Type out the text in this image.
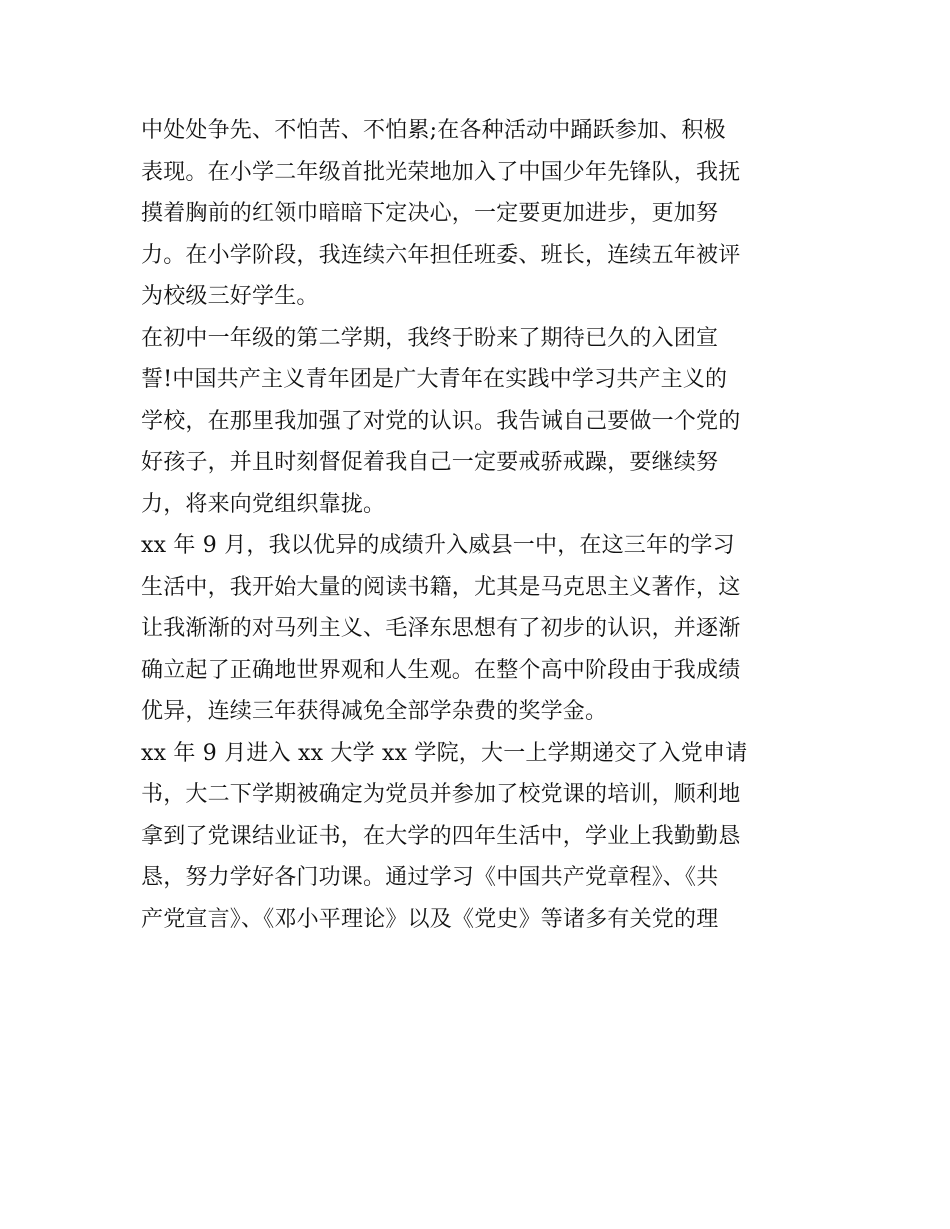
中处处争先、不怕苦、不怕累;在各种活动中踊跃参加、积极
表现。在小学二年级首批光荣地加入了中国少年先锋队，我抚
摸着胸前的红领巾暗暗下定决心，一定要更加进步，更加努
力。在小学阶段，我连续六年担任班委、班长，连续五年被评
为校级三好学生。
在初中一年级的第二学期，我终于盼来了期待已久的入团宣
誓!中国共产主义青年团是广大青年在实践中学习共产主义的
学校，在那里我加强了对党的认识。我告诫自己要做一个党的
好孩子，并且时刻督促着我自己一定要戒骄戒躁，要继续努
力，将来向党组织靠拢。
xx 年 9 月，我以优异的成绩升入威县一中，在这三年的学习
生活中，我开始大量的阅读书籍，尤其是马克思主义著作，这
让我渐渐的对马列主义、毛泽东思想有了初步的认识，并逐渐
确立起了正确地世界观和人生观。在整个高中阶段由于我成绩
优异，连续三年获得减免全部学杂费的奖学金。
xx 年 9 月进入 xx 大学 xx 学院，大一上学期递交了入党申请
书，大二下学期被确定为党员并参加了校党课的培训，顺利地
拿到了党课结业证书，在大学的四年生活中，学业上我勤勤恳
恳，努力学好各门功课。通过学习《中国共产党章程》、《共
产党宣言》、《邓小平理论》以及《党史》等诸多有关党的理
